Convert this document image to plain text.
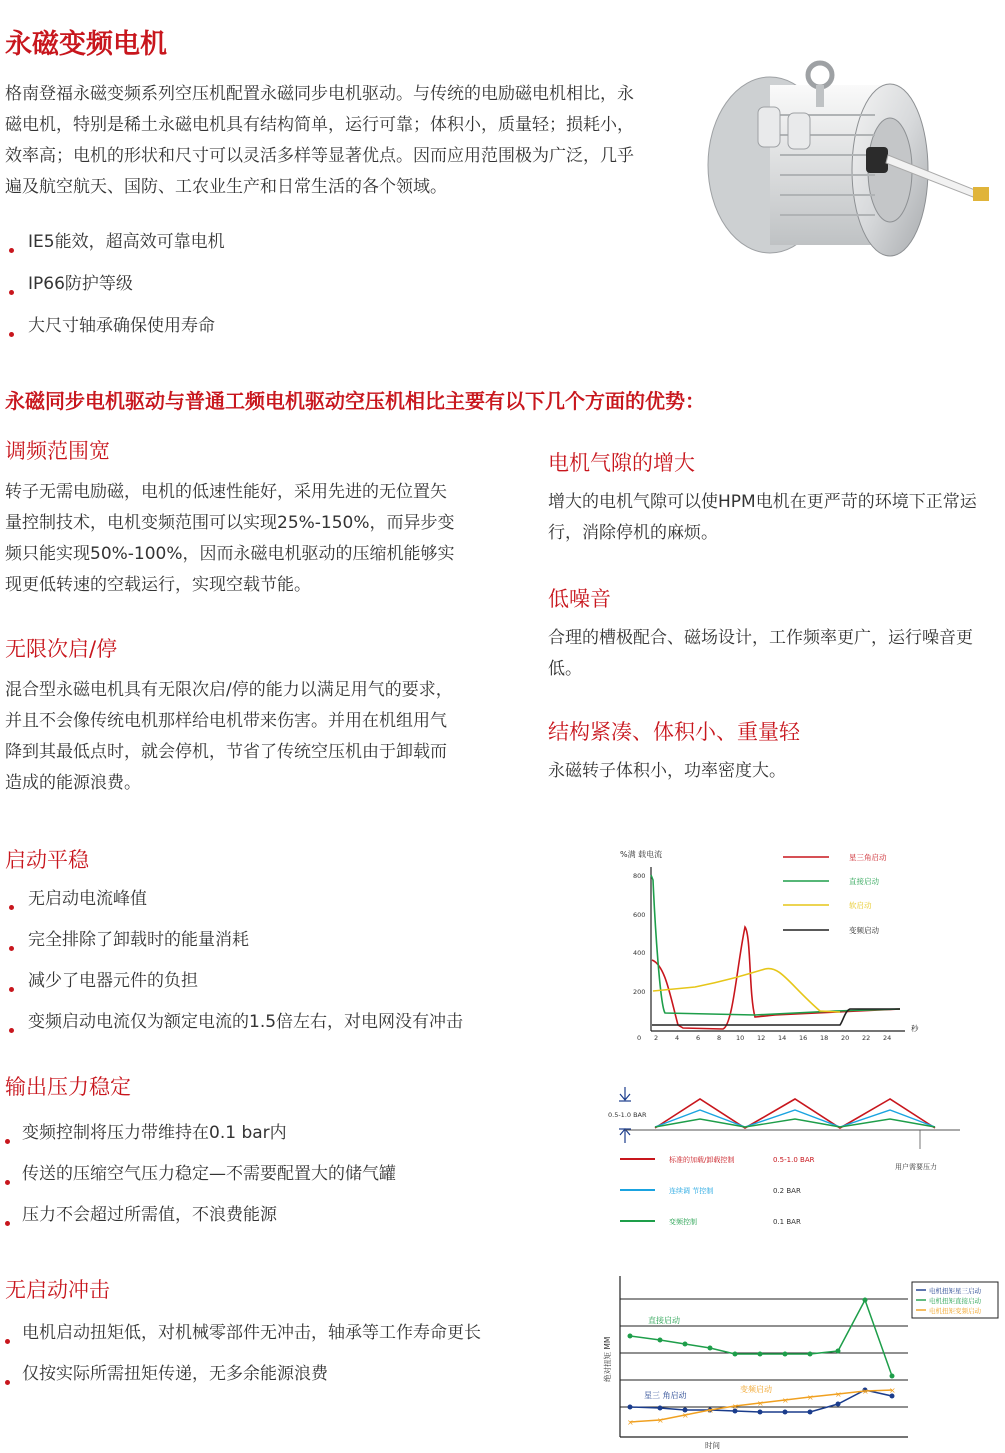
永磁变频电机

格南登福永磁变频系列空压机配置永磁同步电机驱动。与传统的电励磁电机相比，永磁电机，特别是稀土永磁电机具有结构简单，运行可靠；体积小，质量轻；损耗小，效率高；电机的形状和尺寸可以灵活多样等显著优点。因而应用范围极为广泛，几乎遍及航空航天、国防、工农业生产和日常生活的各个领域。

IE5能效，超高效可靠电机
IP66防护等级
大尺寸轴承确保使用寿命
永磁同步电机驱动与普通工频电机驱动空压机相比主要有以下几个方面的优势：
调频范围宽

转子无需电励磁，电机的低速性能好，采用先进的无位置矢量控制技术，电机变频范围可以实现25%-150%，而异步变频只能实现50%-100%，因而永磁电机驱动的压缩机能够实现更低转速的空载运行，实现空载节能。

无限次启/停

混合型永磁电机具有无限次启/停的能力以满足用气的要求，并且不会像传统电机那样给电机带来伤害。并用在机组用气降到其最低点时，就会停机，节省了传统空压机由于卸载而造成的能源浪费。

电机气隙的增大

增大的电机气隙可以使HPM电机在更严苛的环境下正常运行，消除停机的麻烦。

低噪音

合理的槽极配合、磁场设计，工作频率更广，运行噪音更低。

结构紧凑、体积小、重量轻

永磁转子体积小，功率密度大。

启动平稳
无启动电流峰值
完全排除了卸载时的能量消耗
减少了电器元件的负担
变频启动电流仅为额定电流的1.5倍左右，对电网没有冲击
输出压力稳定
变频控制将压力带维持在0.1 bar内
传送的压缩空气压力稳定—不需要配置大的储气罐
压力不会超过所需值，不浪费能源
无启动冲击
电机启动扭矩低，对机械零部件无冲击，轴承等工作寿命更长
仅按实际所需扭矩传递，无多余能源浪费
%满 载电流
800
600
400
200
0 2	4	6	8 10 12 14 16 18 20 22 24
秒
星三角启动
直接启动
软启动
变频启动
0.5-1.0 BAR
用户需要压力
标准的加载/卸载控制	0.5-1.0 BAR
连续调 节控制	0.2 BAR
变频控制	0.1 BAR
绝对扭矩 MM
时间
直接启动
星三 角启动
×	×
×
× × × × ×	×	×	×
变频启动
电机扭矩星三启动
电机扭矩直接启动
电机扭矩变频启动
